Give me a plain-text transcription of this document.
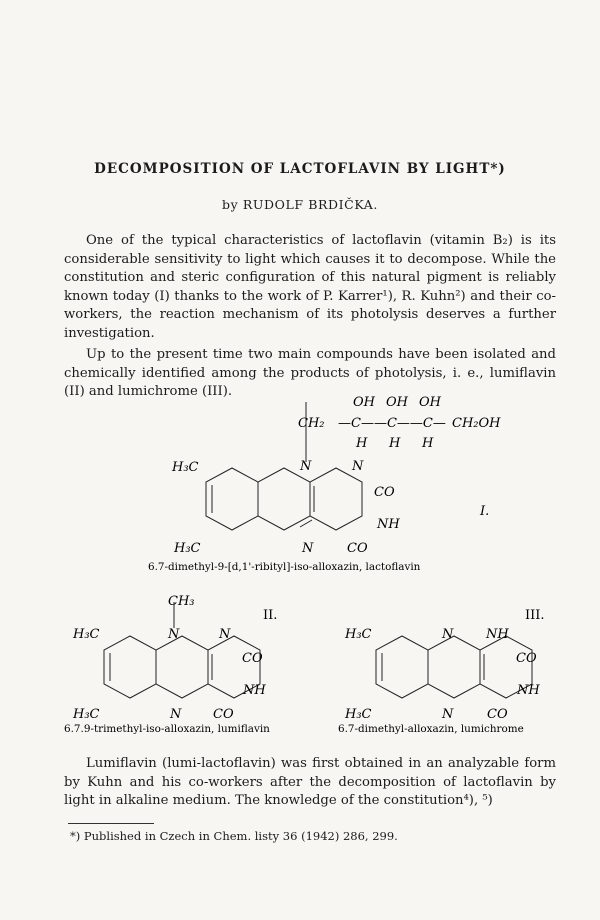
DECOMPOSITION OF LACTOFLAVIN BY LIGHT*)
by RUDOLF BRDIČKA.

One of the typical characteristics of lactoflavin (vitamin B₂) is its considerable sensitivity to light which causes it to decompose. While the constitution and steric configuration of this natural pigment is reliably known today (I) thanks to the work of P. Karrer¹), R. Kuhn²) and their co-workers, the reaction mechanism of its photolysis deserves a further investigation.

Up to the present time two main compounds have been isolated and chemically identified among the products of photolysis, i. e., lumiflavin (II) and lumichrome (III).

OH OH OH
CH₂ —C——C——C— CH₂OH
H H H
H₃C	N	N
CO
I.
NH
H₃C	N	CO
6.7-dimethyl-9-[d,1'-ribityl]-iso-alloxazin, lactoflavin
CH₃
II.
H₃C	N	N
CO
NH
H₃C	N CO
6.7.9-trimethyl-iso-alloxazin, lumiflavin
III.
H₃C	N	NH
CO
NH
H₃C	N	CO
6.7-dimethyl-alloxazin, lumichrome

Lumiflavin (lumi-lactoflavin) was first obtained in an analyzable form by Kuhn and his co-workers after the decomposition of lactoflavin by light in alkaline medium. The knowledge of the constitution⁴), ⁵)

*) Published in Czech in Chem. listy 36 (1942) 286, 299.
